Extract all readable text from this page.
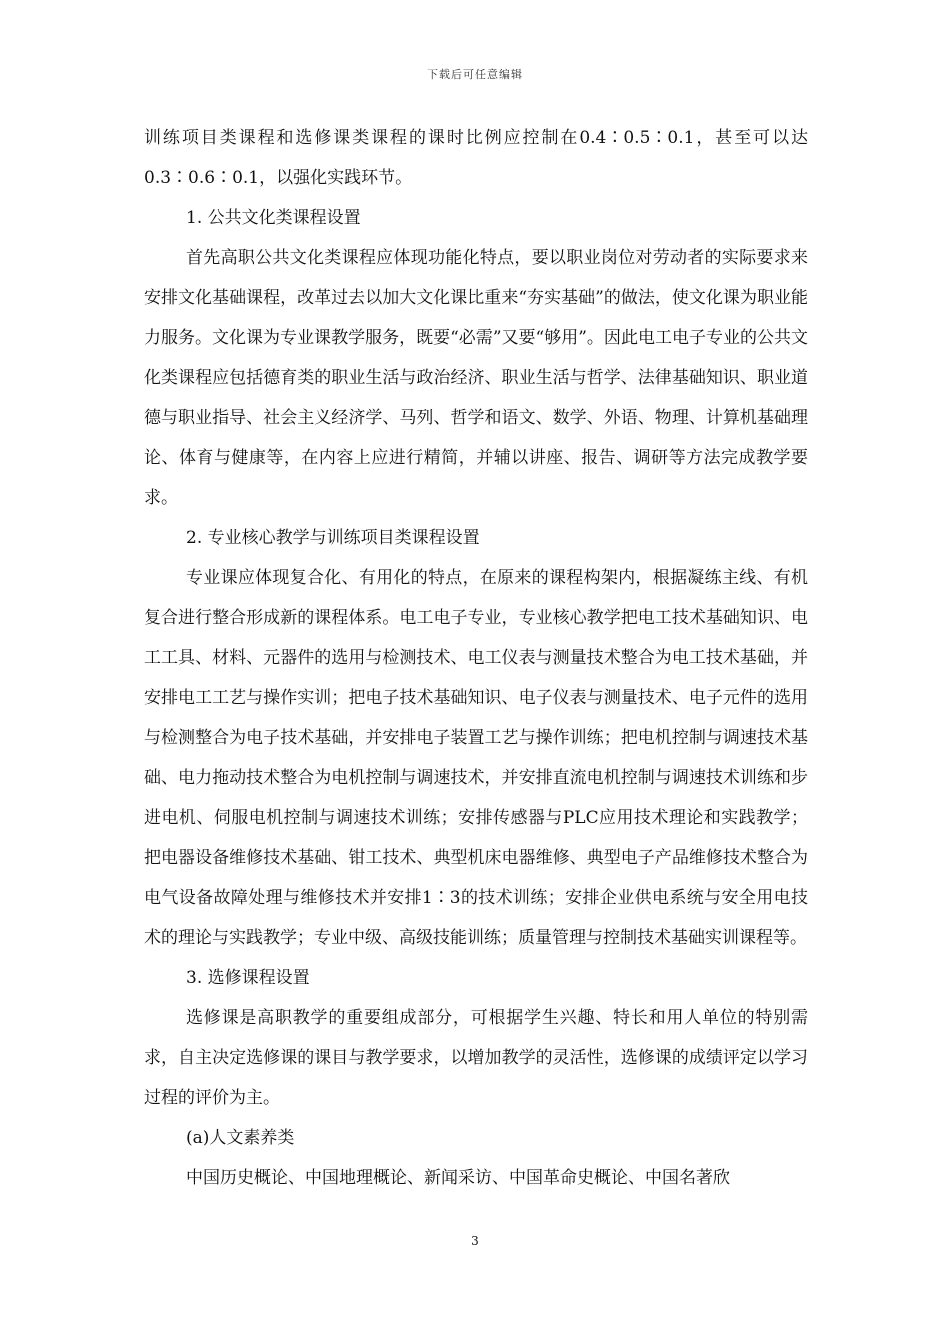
下载后可任意编辑

训练项目类课程和选修课类课程的课时比例应控制在0.4∶0.5∶0.1，甚至可以达0.3∶0.6∶0.1，以强化实践环节。

1. 公共文化类课程设置

首先高职公共文化类课程应体现功能化特点，要以职业岗位对劳动者的实际要求来安排文化基础课程，改革过去以加大文化课比重来“夯实基础”的做法，使文化课为职业能力服务。文化课为专业课教学服务，既要“必需”又要“够用”。因此电工电子专业的公共文化类课程应包括德育类的职业生活与政治经济、职业生活与哲学、法律基础知识、职业道德与职业指导、社会主义经济学、马列、哲学和语文、数学、外语、物理、计算机基础理论、体育与健康等，在内容上应进行精简，并辅以讲座、报告、调研等方法完成教学要求。

2. 专业核心教学与训练项目类课程设置

专业课应体现复合化、有用化的特点，在原来的课程构架内，根据凝练主线、有机复合进行整合形成新的课程体系。电工电子专业，专业核心教学把电工技术基础知识、电工工具、材料、元器件的选用与检测技术、电工仪表与测量技术整合为电工技术基础，并安排电工工艺与操作实训；把电子技术基础知识、电子仪表与测量技术、电子元件的选用与检测整合为电子技术基础，并安排电子装置工艺与操作训练；把电机控制与调速技术基础、电力拖动技术整合为电机控制与调速技术，并安排直流电机控制与调速技术训练和步进电机、伺服电机控制与调速技术训练；安排传感器与PLC应用技术理论和实践教学；把电器设备维修技术基础、钳工技术、典型机床电器维修、典型电子产品维修技术整合为电气设备故障处理与维修技术并安排1∶3的技术训练；安排企业供电系统与安全用电技术的理论与实践教学；专业中级、高级技能训练；质量管理与控制技术基础实训课程等。

3. 选修课程设置

选修课是高职教学的重要组成部分，可根据学生兴趣、特长和用人单位的特别需求，自主决定选修课的课目与教学要求，以增加教学的灵活性，选修课的成绩评定以学习过程的评价为主。

(a)人文素养类

中国历史概论、中国地理概论、新闻采访、中国革命史概论、中国名著欣

3
